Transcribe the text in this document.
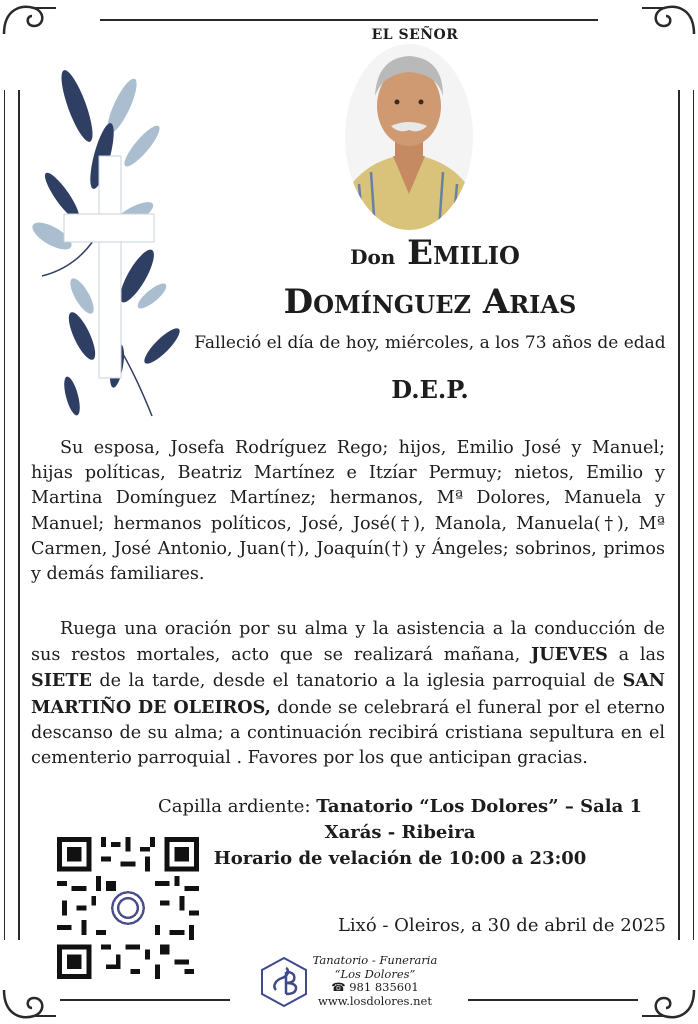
EL SEÑOR
Don Emilio
Domínguez Arias
Falleció el día de hoy, miércoles, a los 73 años de edad
D.E.P.
Su esposa, Josefa Rodríguez Rego; hijos, Emilio José y Manuel; hijas políticas, Beatriz Martínez e Itzíar Permuy; nietos, Emilio y Martina Domínguez Martínez; hermanos, Mª Dolores, Manuela y Manuel; hermanos políticos, José, José(†), Manola, Manuela(†), Mª Carmen, José Antonio, Juan(†), Joaquín(†) y Ángeles; sobrinos, primos y demás familiares.
Ruega una oración por su alma y la asistencia a la conducción de sus restos mortales, acto que se realizará mañana, JUEVES a las SIETE de la tarde, desde el tanatorio a la iglesia parroquial de SAN MARTIÑO DE OLEIROS, donde se celebrará el funeral por el eterno descanso de su alma; a continuación recibirá cristiana sepultura en el cementerio parroquial . Favores por los que anticipan gracias.
Capilla ardiente: Tanatorio “Los Dolores” – Sala 1
Xarás - Ribeira
Horario de velación de 10:00 a 23:00
Lixó - Oleiros, a 30 de abril de 2025
Tanatorio - Funeraria
“Los Dolores”
☎ 981 835601
www.losdolores.net
